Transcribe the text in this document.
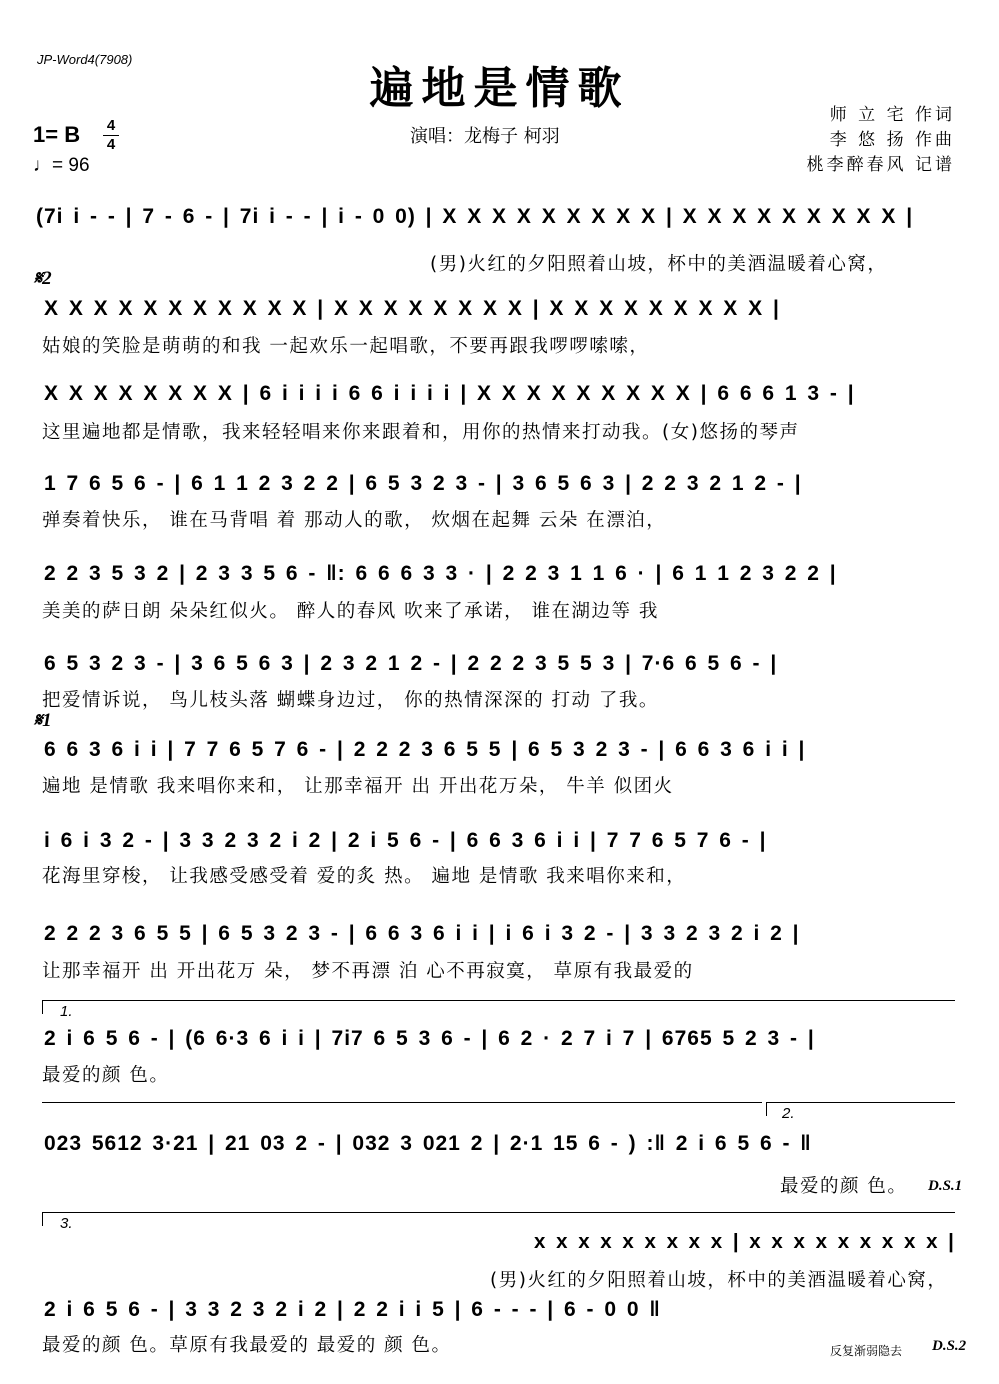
JP-Word4(7908)
遍地是情歌
1= B 4
4
♩= 96
演唱：龙梅子 柯羽
师 立 宅 作词
李 悠 扬 作曲
桃李醉春风 记谱
𝄋2
𝄋1
(7i i - - | 7 - 6 - | 7i i - - | i - 0 0) | X X X X X X X X X | X X X X X X X X X |
(男)火红的夕阳照着山坡，杯中的美酒温暖着心窝，
X X X X X X X X X X X | X X X X X X X X | X X X X X X X X X |
姑娘的笑脸是萌萌的和我 一起欢乐一起唱歌，不要再跟我啰啰嗦嗦，
X X X X X X X X | 6 i i i i 6 6 i i i i | X X X X X X X X X | 6 6 6 1 3 - |
这里遍地都是情歌，我来轻轻唱来你来跟着和，用你的热情来打动我。(女)悠扬的琴声
1 7 6 5 6 - | 6 1 1 2 3 2 2 | 6 5 3 2 3 - | 3 6 5 6 3 | 2 2 3 2 1 2 - |
弹奏着快乐， 谁在马背唱 着 那动人的歌， 炊烟在起舞 云朵 在漂泊，
2 2 3 5 3 2 | 2 3 3 5 6 - ‖: 6 6 6 3 3 · | 2 2 3 1 1 6 · | 6 1 1 2 3 2 2 |
美美的萨日朗 朵朵红似火。 醉人的春风 吹来了承诺， 谁在湖边等 我
6 5 3 2 3 - | 3 6 5 6 3 | 2 3 2 1 2 - | 2 2 2 3 5 5 3 | 7·6 6 5 6 - |
把爱情诉说， 鸟儿枝头落 蝴蝶身边过， 你的热情深深的 打动 了我。
6 6 3 6 i i | 7 7 6 5 7 6 - | 2 2 2 3 6 5 5 | 6 5 3 2 3 - | 6 6 3 6 i i |
遍地 是情歌 我来唱你来和， 让那幸福开 出 开出花万朵， 牛羊 似团火
i 6 i 3 2 - | 3 3 2 3 2 i 2 | 2 i 5 6 - | 6 6 3 6 i i | 7 7 6 5 7 6 - |
花海里穿梭， 让我感受感受着 爱的炙 热。 遍地 是情歌 我来唱你来和，
2 2 2 3 6 5 5 | 6 5 3 2 3 - | 6 6 3 6 i i | i 6 i 3 2 - | 3 3 2 3 2 i 2 |
让那幸福开 出 开出花万 朵， 梦不再漂 泊 心不再寂寞， 草原有我最爱的
2 i 6 5 6 - | (6 6·3 6 i i | 7i7 6 5 3 6 - | 6 2 · 2 7 i 7 | 6765 5 2 3 - |
最爱的颜 色。
023 5612 3·21 | 21 03 2 - | 032 3 021 2 | 2·1 15 6 - ) :‖ 2 i 6 5 6 - ‖
最爱的颜 色。
x x x x x x x x x | x x x x x x x x x |
(男)火红的夕阳照着山坡，杯中的美酒温暖着心窝，
2 i 6 5 6 - | 3 3 2 3 2 i 2 | 2 2 i i 5 | 6 - - - | 6 - 0 0 ‖
最爱的颜 色。草原有我最爱的 最爱的 颜 色。
1.
2.
D.S.1
3.
反复渐弱隐去 D.S.2
